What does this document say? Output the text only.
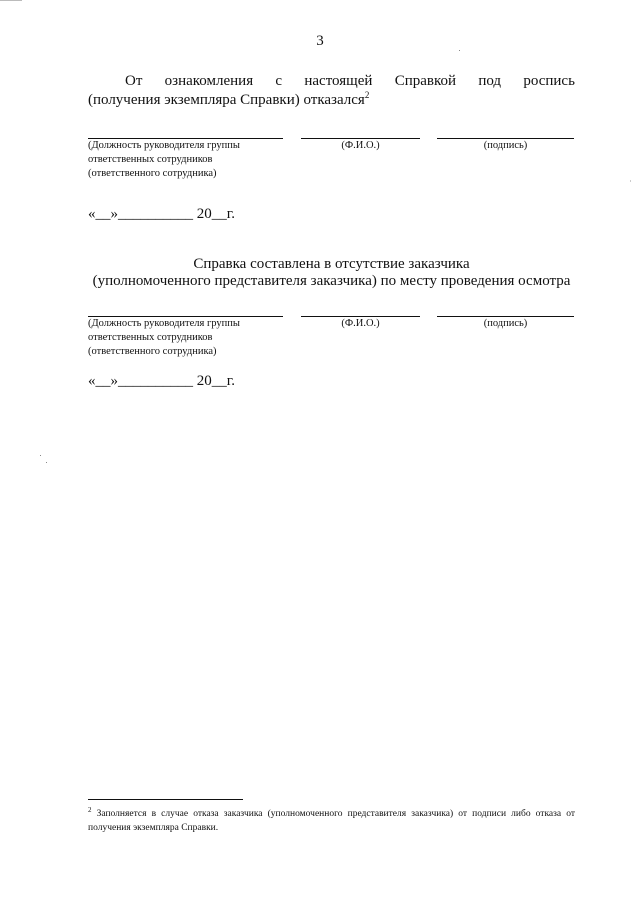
3
От ознакомления с настоящей Справкой под роспись
(получения экземпляра Справки) отказался$^2$
(Должность руководителя группы
ответственных сотрудников
(ответственного сотрудника)
(Ф.И.О.)	(подпись)
«__»__________ 20__г.
Справка составлена в отсутствие заказчика
(уполномоченного представителя заказчика) по месту проведения осмотра
(Должность руководителя группы
ответственных сотрудников
(ответственного сотрудника)
(Ф.И.О.)	(подпись)
«__»__________ 20__г.
$^2$ Заполняется в случае отказа заказчика (уполномоченного представителя заказчика) от подписи либо отказа от получения экземпляра Справки.
